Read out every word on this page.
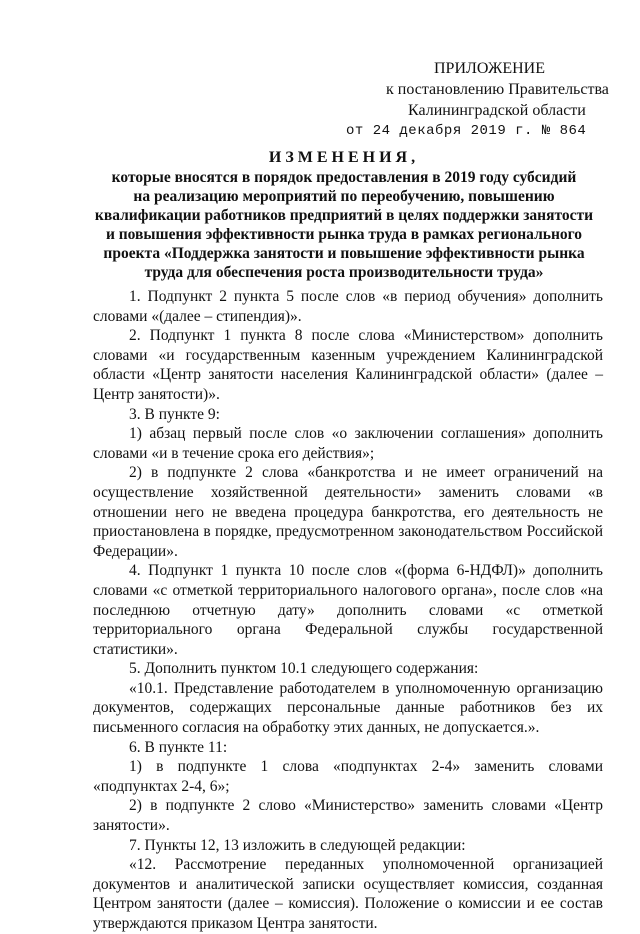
ПРИЛОЖЕНИЕ
к постановлению Правительства
Калининградской области
от 24 декабря 2019 г. № 864
ИЗМЕНЕНИЯ,
которые вносятся в порядок предоставления в 2019 году субсидий
на реализацию мероприятий по переобучению, повышению
квалификации работников предприятий в целях поддержки занятости
и повышения эффективности рынка труда в рамках регионального
проекта «Поддержка занятости и повышение эффективности рынка
труда для обеспечения роста производительности труда»

1. Подпункт 2 пункта 5 после слов «в период обучения» дополнить словами «(далее – стипендия)».

2. Подпункт 1 пункта 8 после слова «Министерством» дополнить словами «и государственным казенным учреждением Калининградской области «Центр занятости населения Калининградской области» (далее – Центр занятости)».

3. В пункте 9:

1) абзац первый после слов «о заключении соглашения» дополнить словами «и в течение срока его действия»;

2) в подпункте 2 слова «банкротства и не имеет ограничений на осуществление хозяйственной деятельности» заменить словами «в отношении него не введена процедура банкротства, его деятельность не приостановлена в порядке, предусмотренном законодательством Российской Федерации».

4. Подпункт 1 пункта 10 после слов «(форма 6-НДФЛ)» дополнить словами «с отметкой территориального налогового органа», после слов «на последнюю отчетную дату» дополнить словами «с отметкой территориального органа Федеральной службы государственной статистики».

5. Дополнить пунктом 10.1 следующего содержания:

«10.1. Представление работодателем в уполномоченную организацию документов, содержащих персональные данные работников без их письменного согласия на обработку этих данных, не допускается.».

6. В пункте 11:

1) в подпункте 1 слова «подпунктах 2-4» заменить словами «подпунктах 2-4, 6»;

2) в подпункте 2 слово «Министерство» заменить словами «Центр занятости».

7. Пункты 12, 13 изложить в следующей редакции:

«12. Рассмотрение переданных уполномоченной организацией документов и аналитической записки осуществляет комиссия, созданная Центром занятости (далее – комиссия). Положение о комиссии и ее состав утверждаются приказом Центра занятости.
